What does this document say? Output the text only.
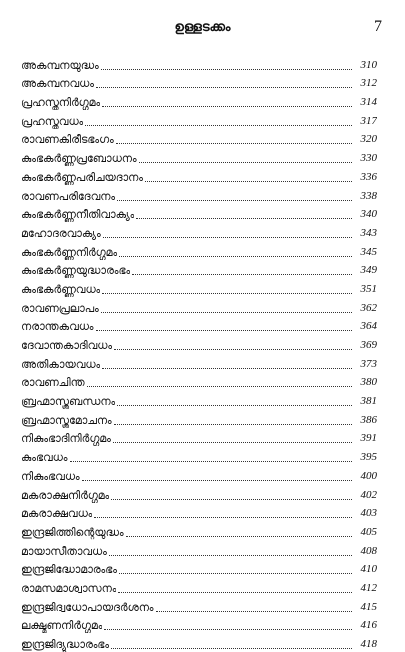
ഉള്ളടക്കം	7
അകമ്പനയുദ്ധം	310
അകമ്പനവധം	312
പ്രഹസ്തനിർഗ്ഗമം	314
പ്രഹസ്തവധം	317
രാവണകിരീടഭംഗം	320
കുംഭകർണ്ണപ്രബോധനം	330
കുംഭകർണ്ണപരിചയദാനം	336
രാവണപരിദേവനം	338
കുംഭകർണ്ണനീതിവാക്യം	340
മഹോദരവാക്യം	343
കുംഭകർണ്ണനിർഗ്ഗമം	345
കുംഭകർണ്ണയുദ്ധാരംഭം	349
കുംഭകർണ്ണവധം	351
രാവണപ്രലാപം	362
നരാന്തകവധം	364
ദേവാന്തകാദിവധം	369
അതികായവധം	373
രാവണചിന്ത	380
ബ്രഹ്മാസ്ത്രബന്ധനം	381
ബ്രഹ്മാസ്ത്രമോചനം	386
നികുംഭാദിനിർഗ്ഗമം	391
കുംഭവധം	395
നികുംഭവധം	400
മകരാക്ഷനിർഗ്ഗമം	402
മകരാക്ഷവധം	403
ഇന്ദ്രജിത്തിന്റെയുദ്ധം	405
മായാസീതാവധം	408
ഇന്ദ്രജിദ്ധോമാരംഭം	410
രാമസമാശ്വാസനം	412
ഇന്ദ്രജിദ്വധോപായദർശനം	415
ലക്ഷ്മണനിർഗ്ഗമം	416
ഇന്ദ്രജിദ്യുദ്ധാരംഭം	418
